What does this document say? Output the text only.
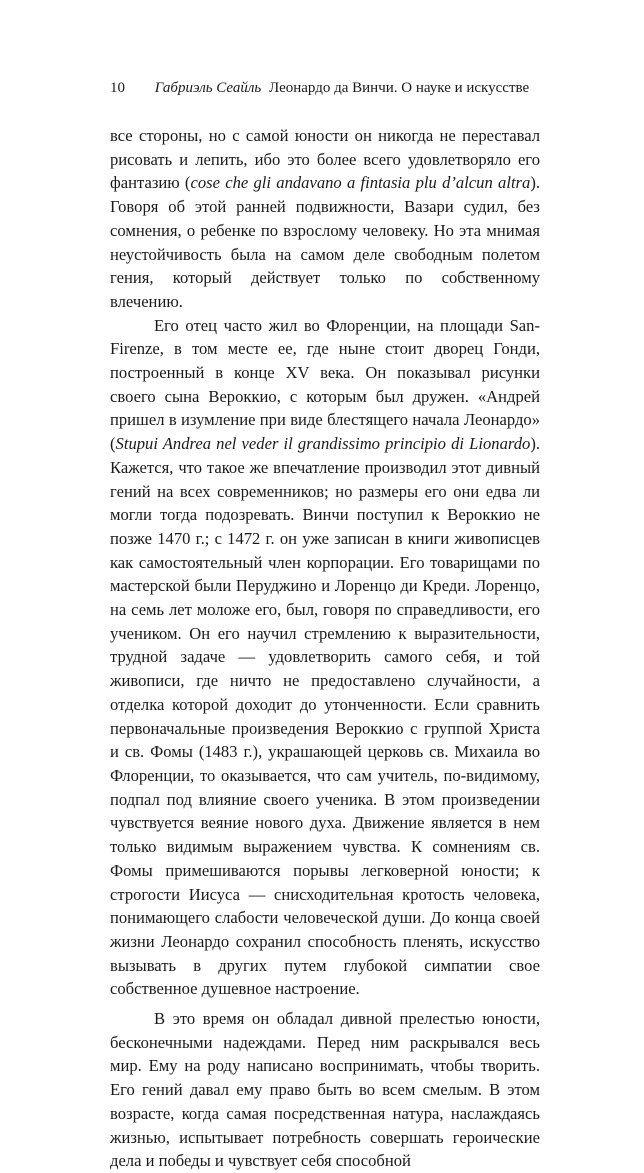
10 Габриэль Сеайль Леонардо да Винчи. О науке и искусстве

все стороны, но с самой юности он никогда не переставал рисовать и лепить, ибо это более всего удовлетворяло его фантазию (cose che gli andavano a fintasia plu d’alcun altra). Говоря об этой ранней подвижности, Вазари судил, без сомнения, о ребенке по взрослому человеку. Но эта мнимая неустойчивость была на самом деле свободным полетом гения, который действует только по собственному влечению.

Его отец часто жил во Флоренции, на площади San-Firenze, в том месте ее, где ныне стоит дворец Гонди, построенный в конце XV века. Он показывал рисунки своего сына Вероккио, с которым был дружен. «Андрей пришел в изумление при виде блестящего начала Леонардо» (Stupui Andrea nel veder il grandissimo principio di Lionardo). Кажется, что такое же впечатление производил этот дивный гений на всех современников; но размеры его они едва ли могли тогда подозревать. Винчи поступил к Вероккио не позже 1470 г.; с 1472 г. он уже записан в книги живописцев как самостоятельный член корпорации. Его товарищами по мастерской были Перуджино и Лоренцо ди Креди. Лоренцо, на семь лет моложе его, был, говоря по справедливости, его учеником. Он его научил стремлению к выразительности, трудной задаче — удовлетворить самого себя, и той живописи, где ничто не предоставлено случайности, а отделка которой доходит до утонченности. Если сравнить первоначальные произведения Вероккио с группой Христа и св. Фомы (1483 г.), украшающей церковь св. Михаила во Флоренции, то оказывается, что сам учитель, по-видимому, подпал под влияние своего ученика. В этом произведении чувствуется веяние нового духа. Движение является в нем только видимым выражением чувства. К сомнениям св. Фомы примешиваются порывы легковерной юности; к строгости Иисуса — снисходительная кротость человека, понимающего слабости человеческой души. До конца своей жизни Леонардо сохранил способность пленять, искусство вызывать в других путем глубокой симпатии свое собственное душевное настроение.

В это время он обладал дивной прелестью юности, бесконечными надеждами. Перед ним раскрывался весь мир. Ему на роду написано воспринимать, чтобы творить. Его гений давал ему право быть во всем смелым. В этом возрасте, когда самая посредственная натура, наслаждаясь жизнью, испытывает потребность совершать героические дела и победы и чувствует себя способной
